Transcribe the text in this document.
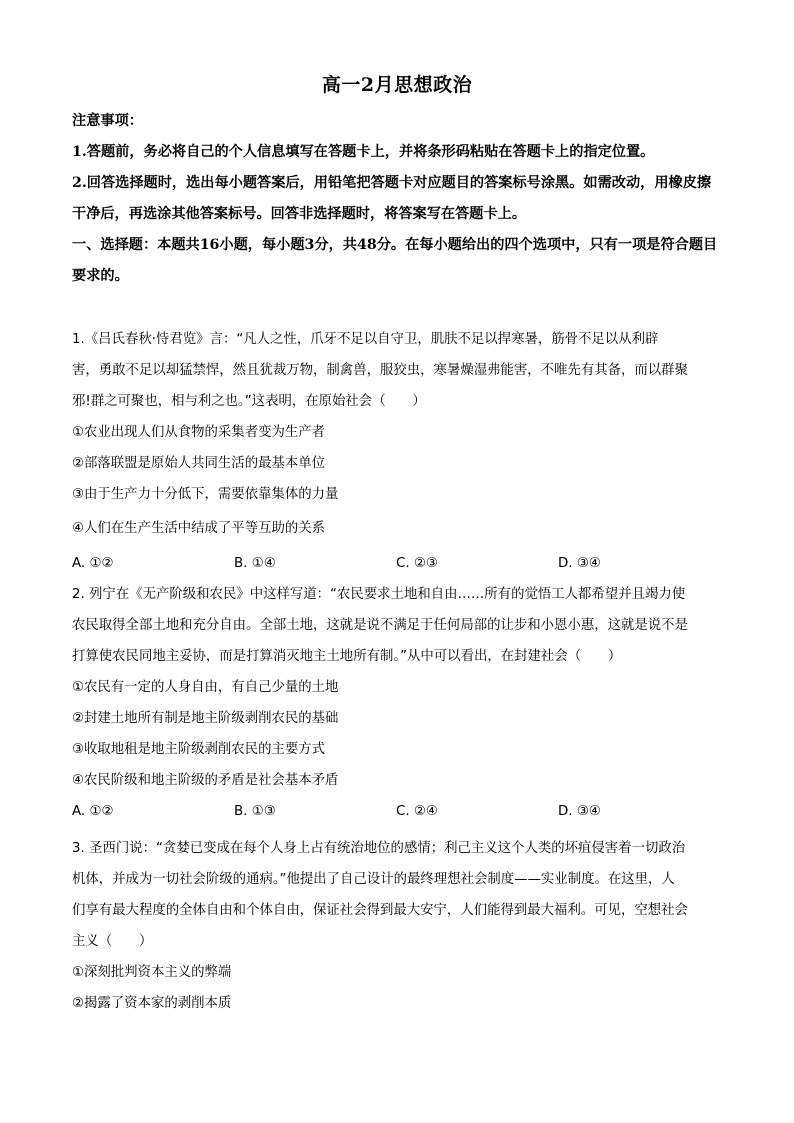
高一2月思想政治

注意事项：

1.答题前，务必将自己的个人信息填写在答题卡上，并将条形码粘贴在答题卡上的指定位置。

2.回答选择题时，选出每小题答案后，用铅笔把答题卡对应题目的答案标号涂黑。如需改动，用橡皮擦干净后，再选涂其他答案标号。回答非选择题时，将答案写在答题卡上。

一、选择题：本题共16小题，每小题3分，共48分。在每小题给出的四个选项中，只有一项是符合题目要求的。

1.《吕氏春秋·恃君览》言：“凡人之性，爪牙不足以自守卫，肌肤不足以捍寒暑，筋骨不足以从利辟

害，勇敢不足以却猛禁悍，然且犹裁万物，制禽兽，服狡虫，寒暑燥湿弗能害，不唯先有其备，而以群聚

邪!群之可聚也，相与利之也。”这表明，在原始社会（　　）

①农业出现人们从食物的采集者变为生产者

②部落联盟是原始人共同生活的最基本单位

③由于生产力十分低下，需要依靠集体的力量

④人们在生产生活中结成了平等互助的关系

A. ①②	B. ①④	C. ②③	D. ③④

2. 列宁在《无产阶级和农民》中这样写道：“农民要求土地和自由……所有的觉悟工人都希望并且竭力使

农民取得全部土地和充分自由。全部土地，这就是说不满足于任何局部的让步和小恩小惠，这就是说不是

打算使农民同地主妥协，而是打算消灭地主土地所有制。”从中可以看出，在封建社会（　　）

①农民有一定的人身自由，有自己少量的土地

②封建土地所有制是地主阶级剥削农民的基础

③收取地租是地主阶级剥削农民的主要方式

④农民阶级和地主阶级的矛盾是社会基本矛盾

A. ①②	B. ①③	C. ②④	D. ③④

3. 圣西门说：“贪婪已变成在每个人身上占有统治地位的感情；利己主义这个人类的坏疽侵害着一切政治

机体，并成为一切社会阶级的通病。”他提出了自己设计的最终理想社会制度——实业制度。在这里，人

们享有最大程度的全体自由和个体自由，保证社会得到最大安宁，人们能得到最大福利。可见，空想社会

主义（　　）

①深刻批判资本主义的弊端

②揭露了资本家的剥削本质
